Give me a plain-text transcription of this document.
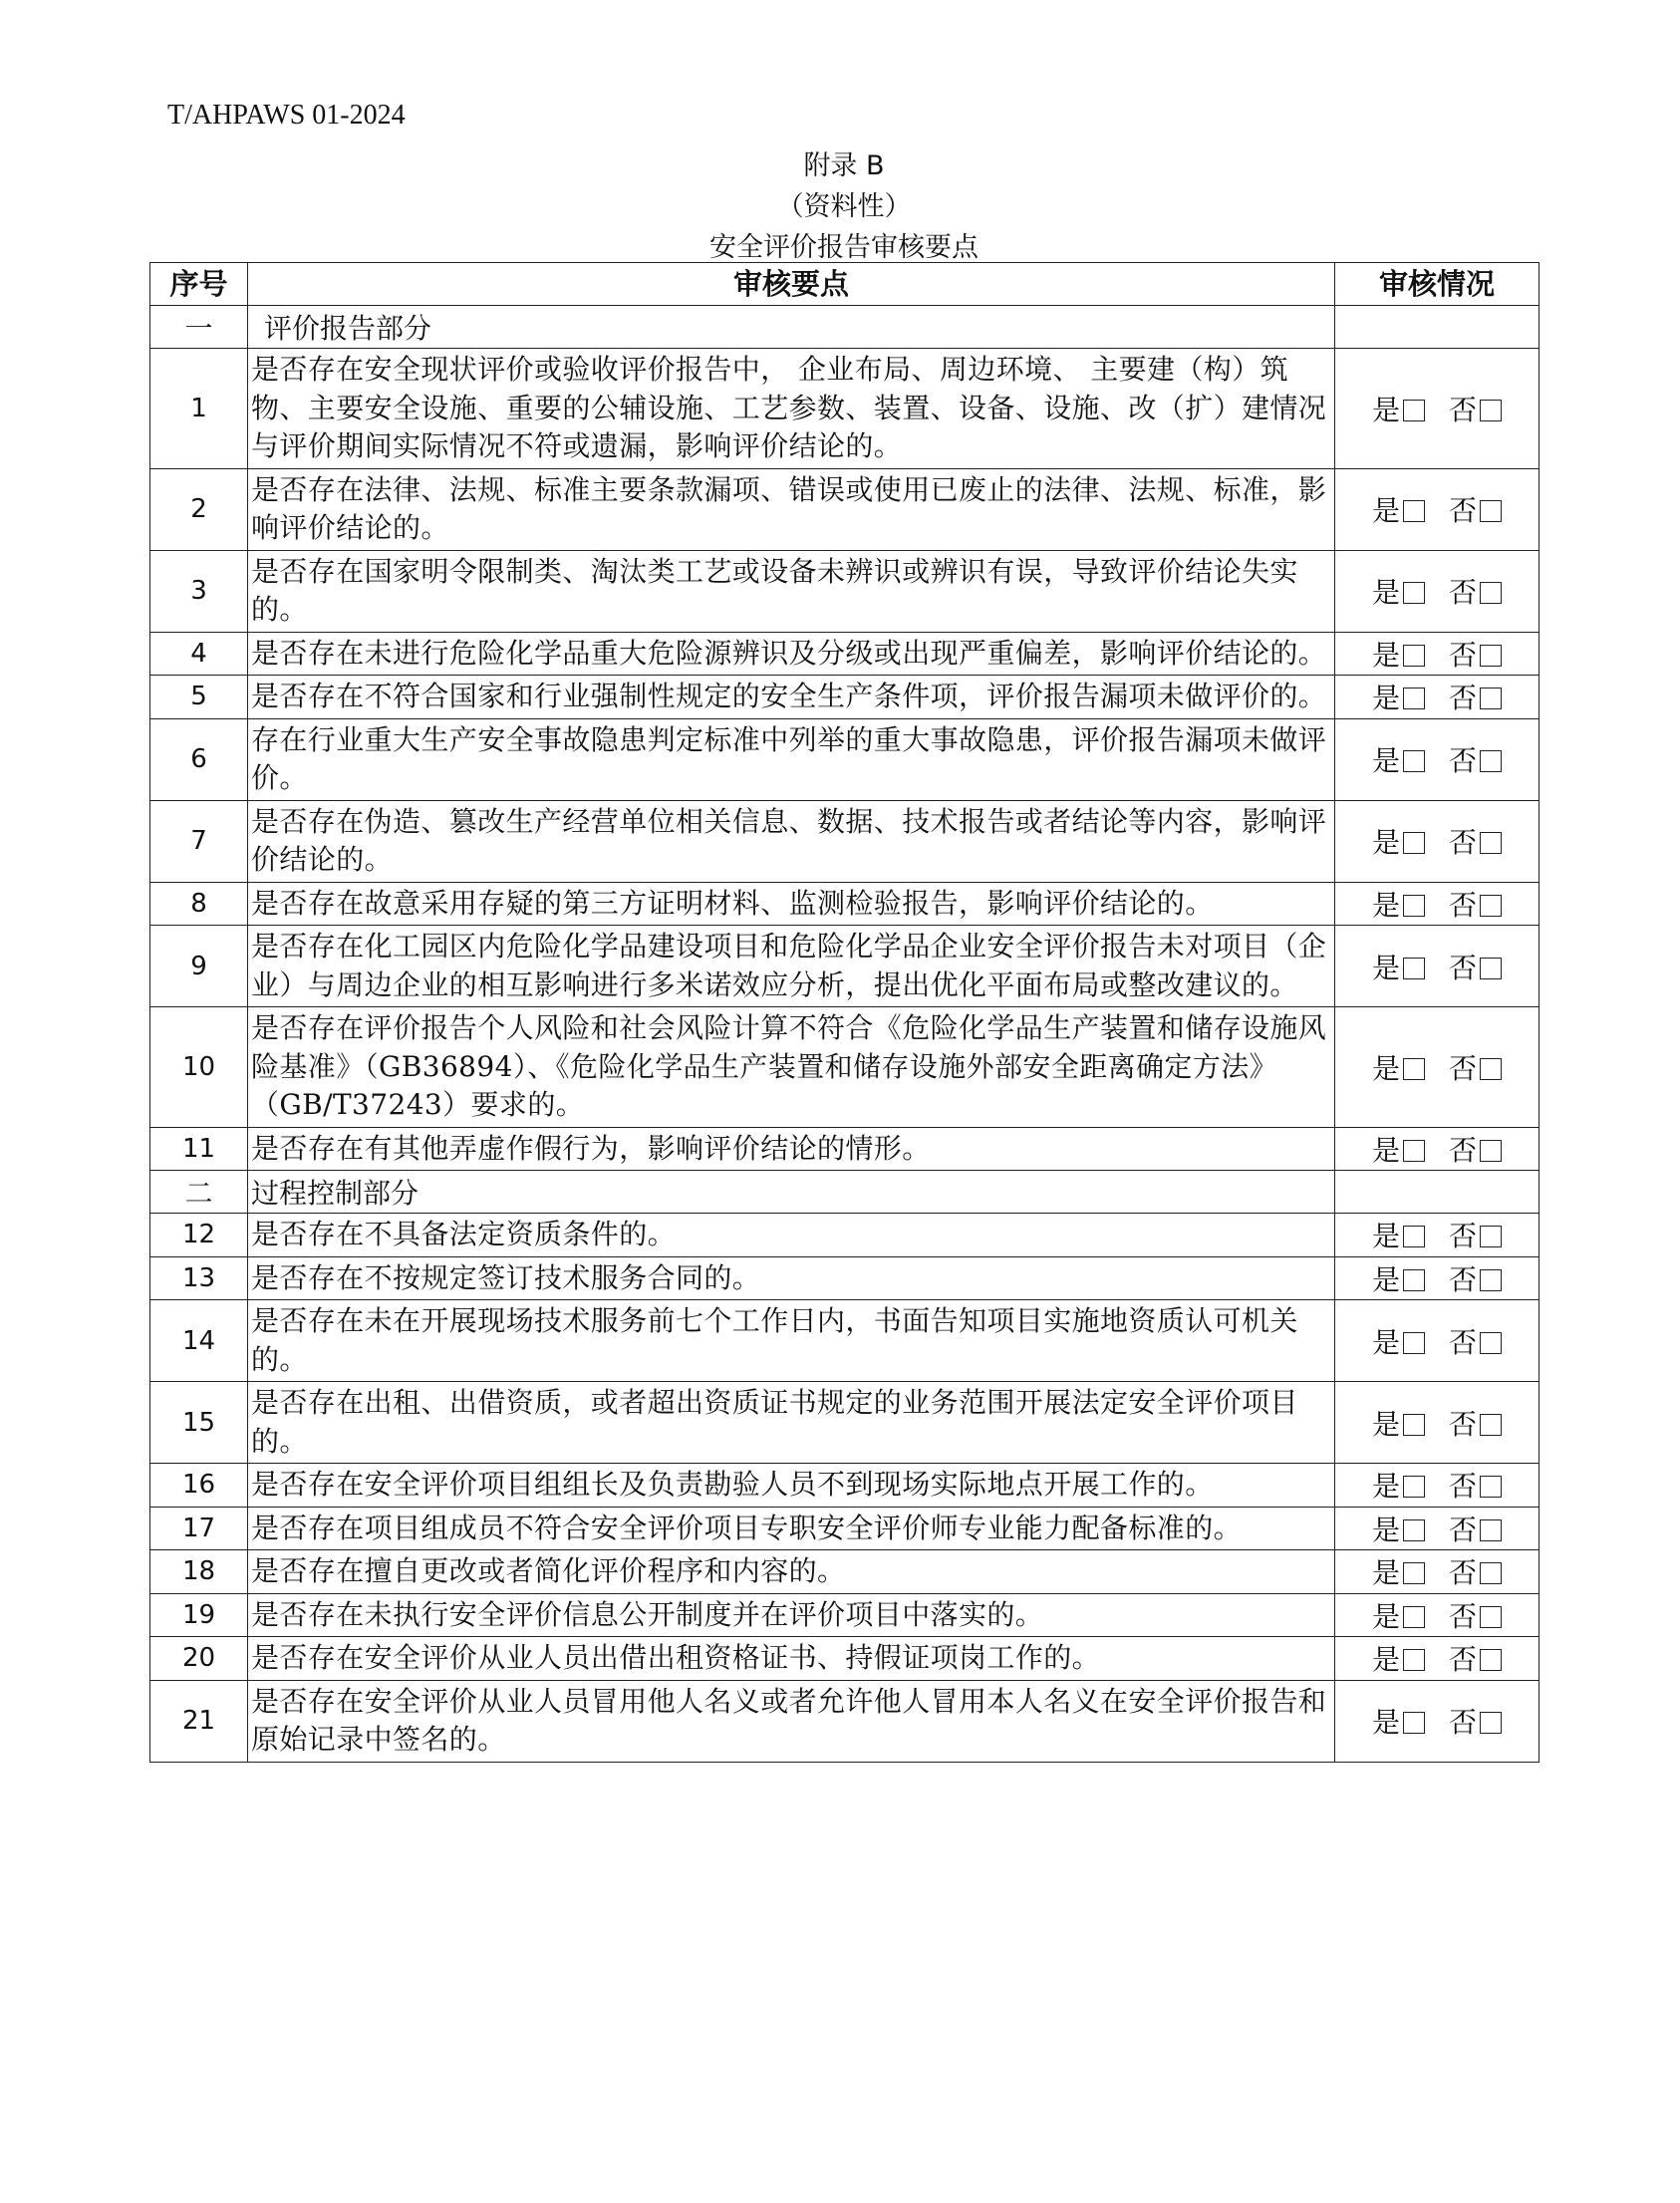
T/AHPAWS 01-2024
附录 B
（资料性）
安全评价报告审核要点
序号	审核要点	审核情况
一	评价报告部分	
1	是否存在安全现状评价或验收评价报告中， 企业布局、周边环境、 主要建（构）筑物、主要安全设施、重要的公辅设施、工艺参数、装置、设备、设施、改（扩）建情况与评价期间实际情况不符或遗漏，影响评价结论的。	是 否
2	是否存在法律、法规、标准主要条款漏项、错误或使用已废止的法律、法规、标准，影响评价结论的。	是 否
3	是否存在国家明令限制类、淘汰类工艺或设备未辨识或辨识有误，导致评价结论失实的。	是 否
4	是否存在未进行危险化学品重大危险源辨识及分级或出现严重偏差，影响评价结论的。	是 否
5	是否存在不符合国家和行业强制性规定的安全生产条件项，评价报告漏项未做评价的。	是 否
6	存在行业重大生产安全事故隐患判定标准中列举的重大事故隐患，评价报告漏项未做评价。	是 否
7	是否存在伪造、篡改生产经营单位相关信息、数据、技术报告或者结论等内容，影响评价结论的。	是 否
8	是否存在故意采用存疑的第三方证明材料、监测检验报告，影响评价结论的。	是 否
9	是否存在化工园区内危险化学品建设项目和危险化学品企业安全评价报告未对项目（企业）与周边企业的相互影响进行多米诺效应分析，提出优化平面布局或整改建议的。	是 否
10	是否存在评价报告个人风险和社会风险计算不符合《危险化学品生产装置和储存设施风险基准》（GB36894）、《危险化学品生产装置和储存设施外部安全距离确定方法》（GB/T37243）要求的。	是 否
11	是否存在有其他弄虚作假行为，影响评价结论的情形。	是 否
二	过程控制部分	
12	是否存在不具备法定资质条件的。	是 否
13	是否存在不按规定签订技术服务合同的。	是 否
14	是否存在未在开展现场技术服务前七个工作日内，书面告知项目实施地资质认可机关的。	是 否
15	是否存在出租、出借资质，或者超出资质证书规定的业务范围开展法定安全评价项目的。	是 否
16	是否存在安全评价项目组组长及负责勘验人员不到现场实际地点开展工作的。	是 否
17	是否存在项目组成员不符合安全评价项目专职安全评价师专业能力配备标准的。	是 否
18	是否存在擅自更改或者简化评价程序和内容的。	是 否
19	是否存在未执行安全评价信息公开制度并在评价项目中落实的。	是 否
20	是否存在安全评价从业人员出借出租资格证书、持假证项岗工作的。	是 否
21	是否存在安全评价从业人员冒用他人名义或者允许他人冒用本人名义在安全评价报告和原始记录中签名的。	是 否
